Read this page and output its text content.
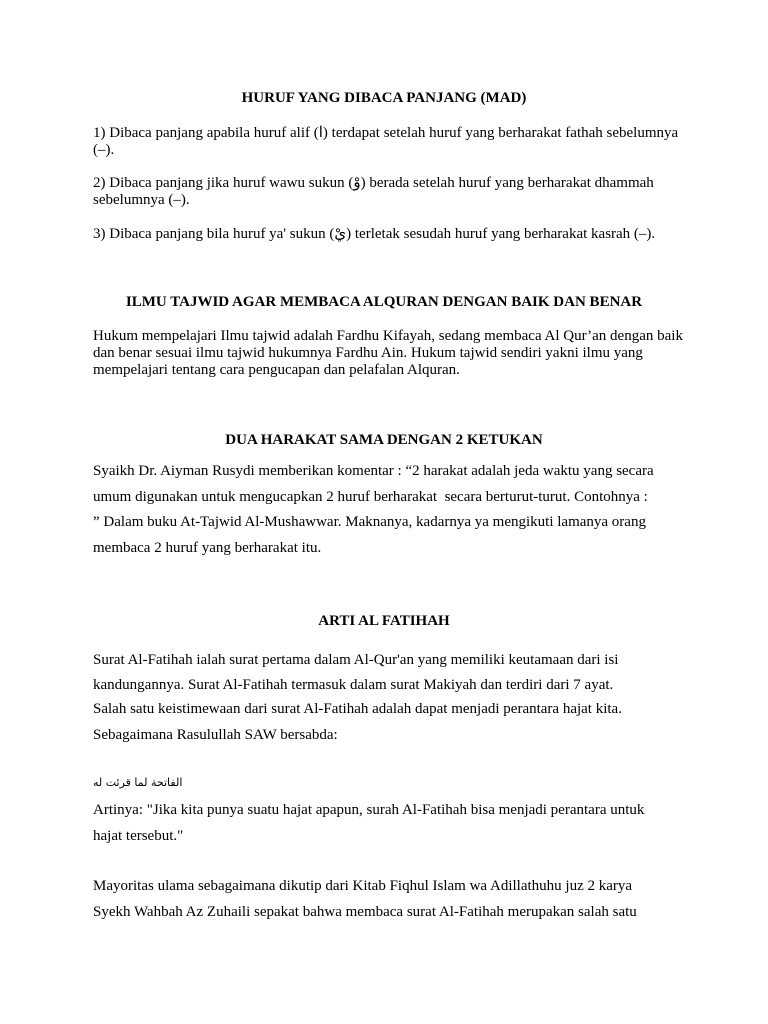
HURUF YANG DIBACA PANJANG (MAD)
1) Dibaca panjang apabila huruf alif (ا) terdapat setelah huruf yang berharakat fathah sebelumnya (–).
2) Dibaca panjang jika huruf wawu sukun (وْ) berada setelah huruf yang berharakat dhammah sebelumnya (–).
3) Dibaca panjang bila huruf ya' sukun (يْ) terletak sesudah huruf yang berharakat kasrah (–).
ILMU TAJWID AGAR MEMBACA ALQURAN DENGAN BAIK DAN BENAR
Hukum mempelajari Ilmu tajwid adalah Fardhu Kifayah, sedang membaca Al Qur’an dengan baik dan benar sesuai ilmu tajwid hukumnya Fardhu Ain. Hukum tajwid sendiri yakni ilmu yang mempelajari tentang cara pengucapan dan pelafalan Alquran.
DUA HARAKAT SAMA DENGAN 2 KETUKAN
Syaikh Dr. Aiyman Rusydi memberikan komentar : “2 harakat adalah jeda waktu yang secara
umum digunakan untuk mengucapkan 2 huruf berharakat  secara berturut-turut. Contohnya :
” Dalam buku At-Tajwid Al-Mushawwar. Maknanya, kadarnya ya mengikuti lamanya orang
membaca 2 huruf yang berharakat itu.
ARTI AL FATIHAH
Surat Al-Fatihah ialah surat pertama dalam Al-Qur'an yang memiliki keutamaan dari isi
kandungannya. Surat Al-Fatihah termasuk dalam surat Makiyah dan terdiri dari 7 ayat.
Salah satu keistimewaan dari surat Al-Fatihah adalah dapat menjadi perantara hajat kita.
Sebagaimana Rasulullah SAW bersabda:
الفاتحة لما قرئت له
Artinya: "Jika kita punya suatu hajat apapun, surah Al-Fatihah bisa menjadi perantara untuk
hajat tersebut."
Mayoritas ulama sebagaimana dikutip dari Kitab Fiqhul Islam wa Adillathuhu juz 2 karya
Syekh Wahbah Az Zuhaili sepakat bahwa membaca surat Al-Fatihah merupakan salah satu
